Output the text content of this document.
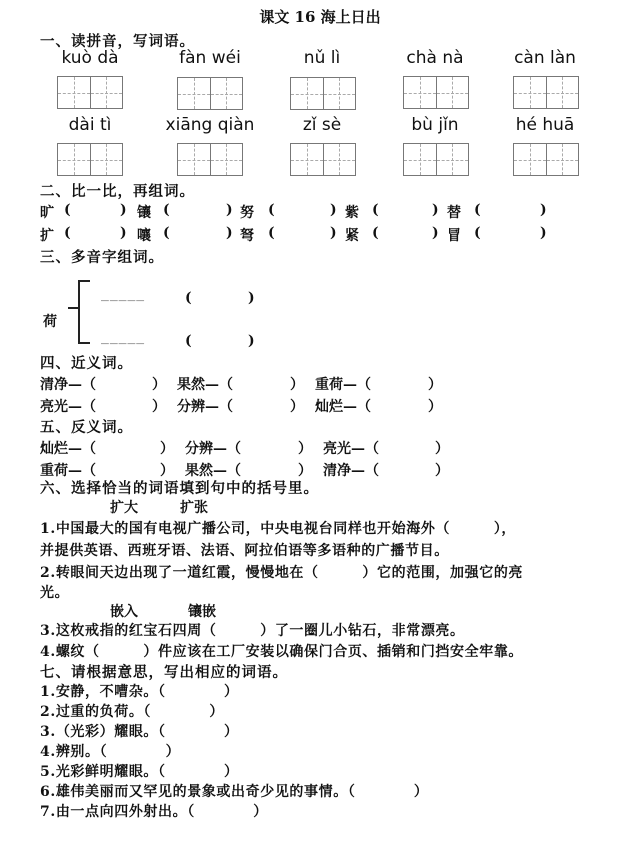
课文 16 海上日出
一、读拼音，写词语。
kuò dà	fàn wéi	nǔ lì	chà nà	càn làn
dài tì	xiāng qiàn	zǐ sè	bù jǐn	hé huā
二、比一比，再组词。
旷 (	) 镶 (	) 努 (	) 紫 (	) 替 (	)
扩 (	) 嚷 (	) 弩 (	) 紧 (	) 冒 (	)
三、多音字组词。
荷
_____	(	)
_____	(	)
四、近义词。
清净—（	） 果然—（	） 重荷—（	）
亮光—（	） 分辨—（	） 灿烂—（	）
五、反义词。
灿烂—（	） 分辨—（	） 亮光—（	）
重荷—（	） 果然—（	） 清净—（	）
六、选择恰当的词语填到句中的括号里。
扩大	扩张
1.中国最大的国有电视广播公司，中央电视台同样也开始海外（　　　），
并提供英语、西班牙语、法语、阿拉伯语等多语种的广播节目。
2.转眼间天边出现了一道红霞，慢慢地在（　　　）它的范围，加强它的亮
光。
嵌入	镶嵌
3.这枚戒指的红宝石四周（　　　）了一圈儿小钻石，非常漂亮。
4.螺纹（　　　）件应该在工厂安装以确保门合页、插销和门挡安全牢靠。
七、请根据意思，写出相应的词语。
1.安静，不嘈杂。（　　　　）
2.过重的负荷。（　　　　）
3.（光彩）耀眼。（　　　　）
4.辨别。（　　　　）
5.光彩鲜明耀眼。（　　　　）
6.雄伟美丽而又罕见的景象或出奇少见的事情。（　　　　）
7.由一点向四外射出。（　　　　）
